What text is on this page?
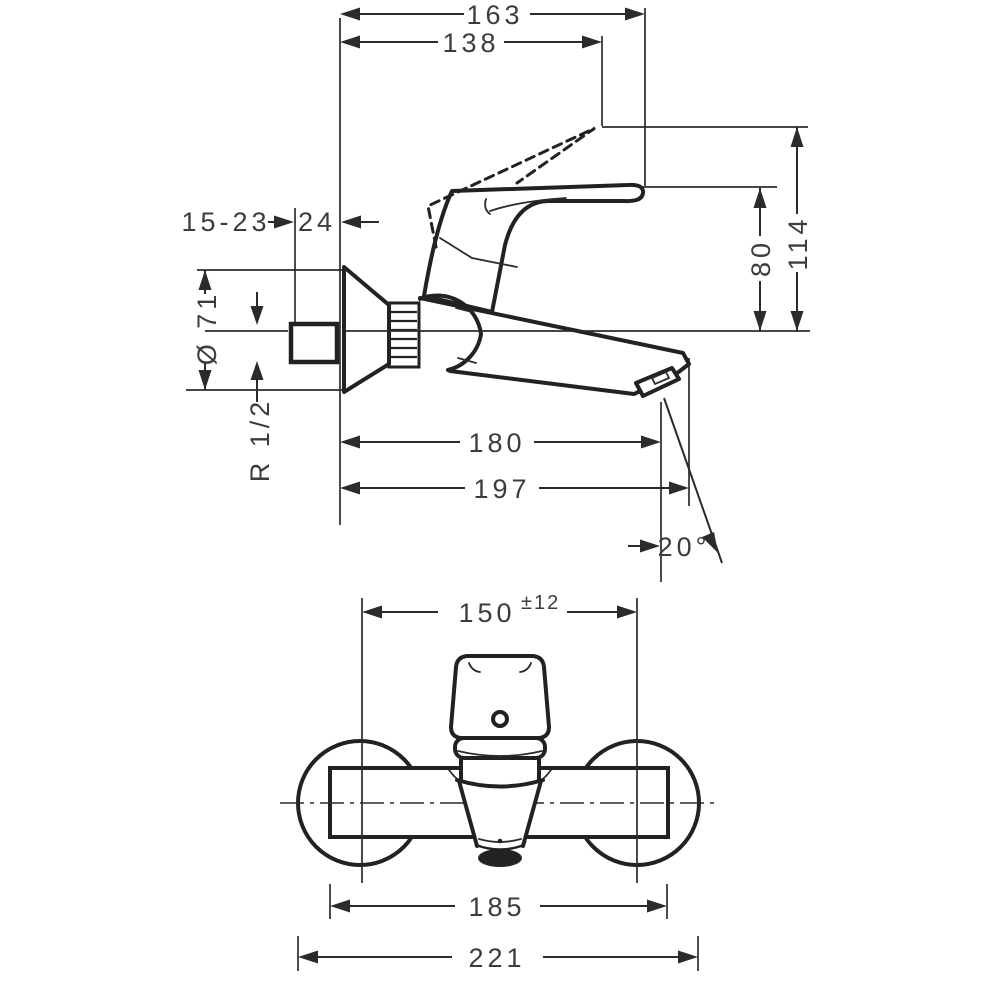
163
138
15-23 24
Ø 71
R 1/2
80 114
180
197
20°
150 ±12
185
221
